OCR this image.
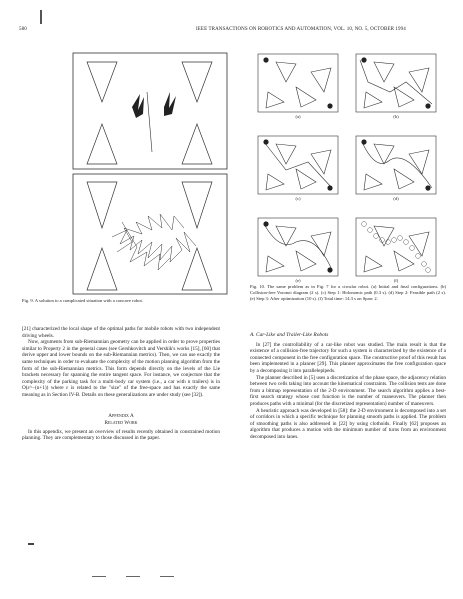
580	IEEE TRANSACTIONS ON ROBOTICS AND AUTOMATION, VOL. 10, NO. 5, OCTOBER 1994
Fig. 9. A solution to a complicated situation with a concave robot.
(a)	(b)
(c)	(d)
(e)	(f)
Fig. 10. The same problem as in Fig. 7 for a circular robot. (a) Initial and final configurations. (b) Collision-free Voronoi diagram (2 s). (c) Step 1: Holonomic path (0.3 s). (d) Step 2: Feasible path (2 s). (e) Step 3: After optimization (10 s). (f) Total time: 14.3 s on Sparc 2.

[21] characterized the local shape of the optimal paths for mobile robots with two independent driving wheels.

Now, arguments from sub-Riemannian geometry can be applied in order to prove properties similar to Property 2 in the general cases (see Gershkovitch and Vershik's works [15], [60] that derive upper and lower bounds on the sub-Riemannian metrics). Then, we can use exactly the same techniques in order to evaluate the complexity of the motion planning algorithm from the form of the sub-Riemannian metrics. This form depends directly on the levels of the Lie brackets necessary for spanning the entire tangent space. For instance, we conjecture that the complexity of the parking task for a multi-body car system (i.e., a car with n trailers) is in O(ε^−(n+1)) where ε is related to the "size" of the free-space and has exactly the same meaning as in Section IV-B. Details on these generalizations are under study (see [32]).

Appendix A
Related Work

In this appendix, we present an overview of results recently obtained in constrained motion planning. They are complementary to those discussed in the paper.

A. Car-Like and Trailer-Like Robots

In [27] the controllability of a car-like robot was studied. The main result is that the existence of a collision-free trajectory for such a system is characterized by the existence of a connected component in the free configuration space. The constructive proof of this result has been implemented in a planner [29]. This planner approximates the free configuration space by a decomposing it into parallelepipeds.

The planner described in [5] uses a discretization of the phase space, the adjacency relation between two cells taking into account the kinematical constraints. The collision tests are done from a bitmap representation of the 2-D environment. The search algorithm applies a best-first search strategy whose cost function is the number of maneuvers. The planner then produces paths with a minimal (for the discretized representation) number of maneuvers.

A heuristic approach was developed in [58]: the 2-D environment is decomposed into a set of corridors in which a specific technique for planning smooth paths is applied. The problem of smoothing paths is also addressed in [22] by using clothoids. Finally [62] proposes an algorithm that produces a motion with the minimum number of turns from an environment decomposed into lanes.
